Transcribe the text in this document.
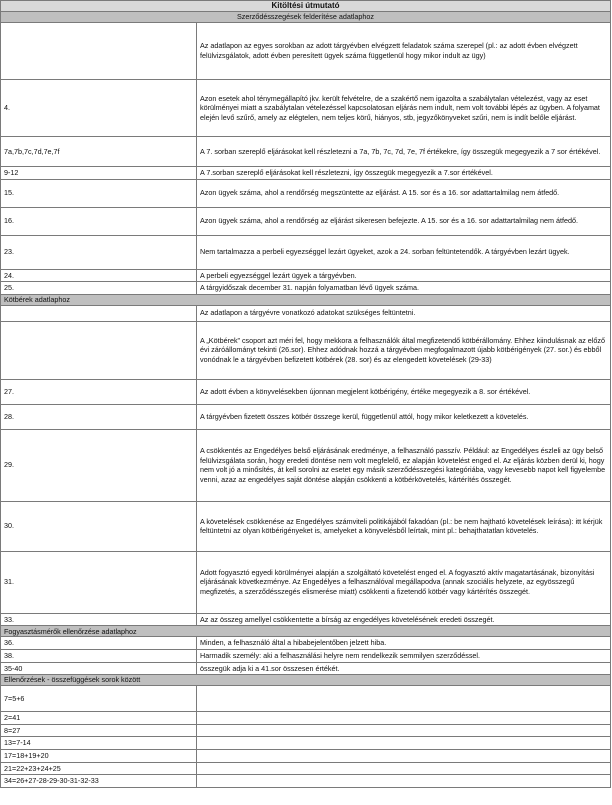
Kitöltési útmutató	
Szerződésszegések felderítése adatlaphoz	
	Az adatlapon az egyes sorokban az adott tárgyévben elvégzett feladatok száma szerepel (pl.: az adott évben elvégzett felülvizsgálatok, adott évben peresített ügyek száma függetlenül hogy mikor indult az ügy)
4.	Azon esetek ahol ténymegállapító jkv. került felvételre, de a szakértő nem igazolta a szabálytalan vételezést, vagy az eset körülményei miatt a szabálytalan vételezéssel kapcsolatosan eljárás nem indult, nem volt további lépés az ügyben. A folyamat elején levő szűrő, amely az elégtelen, nem teljes körű, hiányos, stb, jegyzőkönyveket szűri, nem is indít belőle eljárást.
7a,7b,7c,7d,7e,7f	A 7. sorban szereplő eljárásokat kell részletezni a 7a, 7b, 7c, 7d, 7e, 7f értékekre, így összegük megegyezik a 7 sor értékével.
9-12	A 7.sorban szereplő eljárásokat kell részletezni, így összegük megegyezik a 7.sor értékével.
15.	Azon ügyek száma, ahol a rendőrség megszüntette az eljárást. A 15. sor és a 16. sor adattartalmilag nem átfedő.
16.	Azon ügyek száma, ahol a rendőrség az eljárást sikeresen befejezte. A 15. sor és a 16. sor adattartalmilag nem átfedő.
23.	Nem tartalmazza a perbeli egyezséggel lezárt ügyeket, azok a 24. sorban feltüntetendők. A tárgyévben lezárt ügyek.
24.	A perbeli egyezséggel lezárt ügyek a tárgyévben.
25.	A tárgyidőszak december 31. napján folyamatban lévő ügyek száma.
Kötbérek adatlaphoz	
	Az adatlapon a tárgyévre vonatkozó adatokat szükséges feltüntetni.
	A „Kötbérek” csoport azt méri fel, hogy mekkora a felhasználók által megfizetendő kötbérállomány. Ehhez kiindulásnak az előző évi záróállományt tekinti (26.sor). Ehhez adódnak hozzá a tárgyévben megfogalmazott újabb kötbérigények (27. sor.) és ebből vonódnak le a tárgyévben befizetett kötbérek (28. sor) és az elengedett követelések (29-33)
27.	Az adott évben a könyvelésekben újonnan megjelent kötbérigény, értéke megegyezik a 8. sor értékével.
28.	A tárgyévben fizetett összes kötbér összege kerül, függetlenül attól, hogy mikor keletkezett a követelés.
29.	A csökkentés az Engedélyes belső eljárásának eredménye, a felhasználó passzív. Például: az Engedélyes észleli az ügy belső felülvizsgálata során, hogy eredeti döntése nem volt megfelelő, ez alapján követelést enged el. Az eljárás közben derül ki, hogy nem volt jó a minősítés, át kell sorolni az esetet egy másik szerződésszegési kategóriába, vagy kevesebb napot kell figyelembe venni, azaz az engedélyes saját döntése alapján csökkenti a kötbérkövetelés, kártérítés összegét.
30.	A követelések csökkenése az Engedélyes számviteli politikájából fakadóan (pl.: be nem hajtható követelések leírása): itt kérjük feltüntetni az olyan kötbérigényeket is, amelyeket a könyvelésből leírtak, mint pl.: behajthatatlan követelés.
31.	Adott fogyasztó egyedi körülményei alapján a szolgáltató követelést enged el. A fogyasztó aktív magatartásának, bizonyítási eljárásának következménye. Az Engedélyes a felhasználóval megállapodva (annak szociális helyzete, az egyösszegű megfizetés, a szerződésszegés elismerése miatt) csökkenti a fizetendő kötbér vagy kártérítés összegét.
33.	Az az összeg amellyel csökkentette a bírság az engedélyes követelésének eredeti összegét.
Fogyasztásmérők ellenőrzése adatlaphoz	
36.	Minden, a felhasználó által a hibabejelentőben jelzett hiba.
38.	Harmadik személy: aki a felhasználási helyre nem rendelkezik semmilyen szerződéssel.
35-40	összegük adja ki a 41.sor összesen értékét.
Ellenőrzések - összefüggések sorok között	
7=5+6	
2=41	
8=27	
13=7-14	
17=18+19+20	
21=22+23+24+25	
34=26+27-28-29-30-31-32-33	
